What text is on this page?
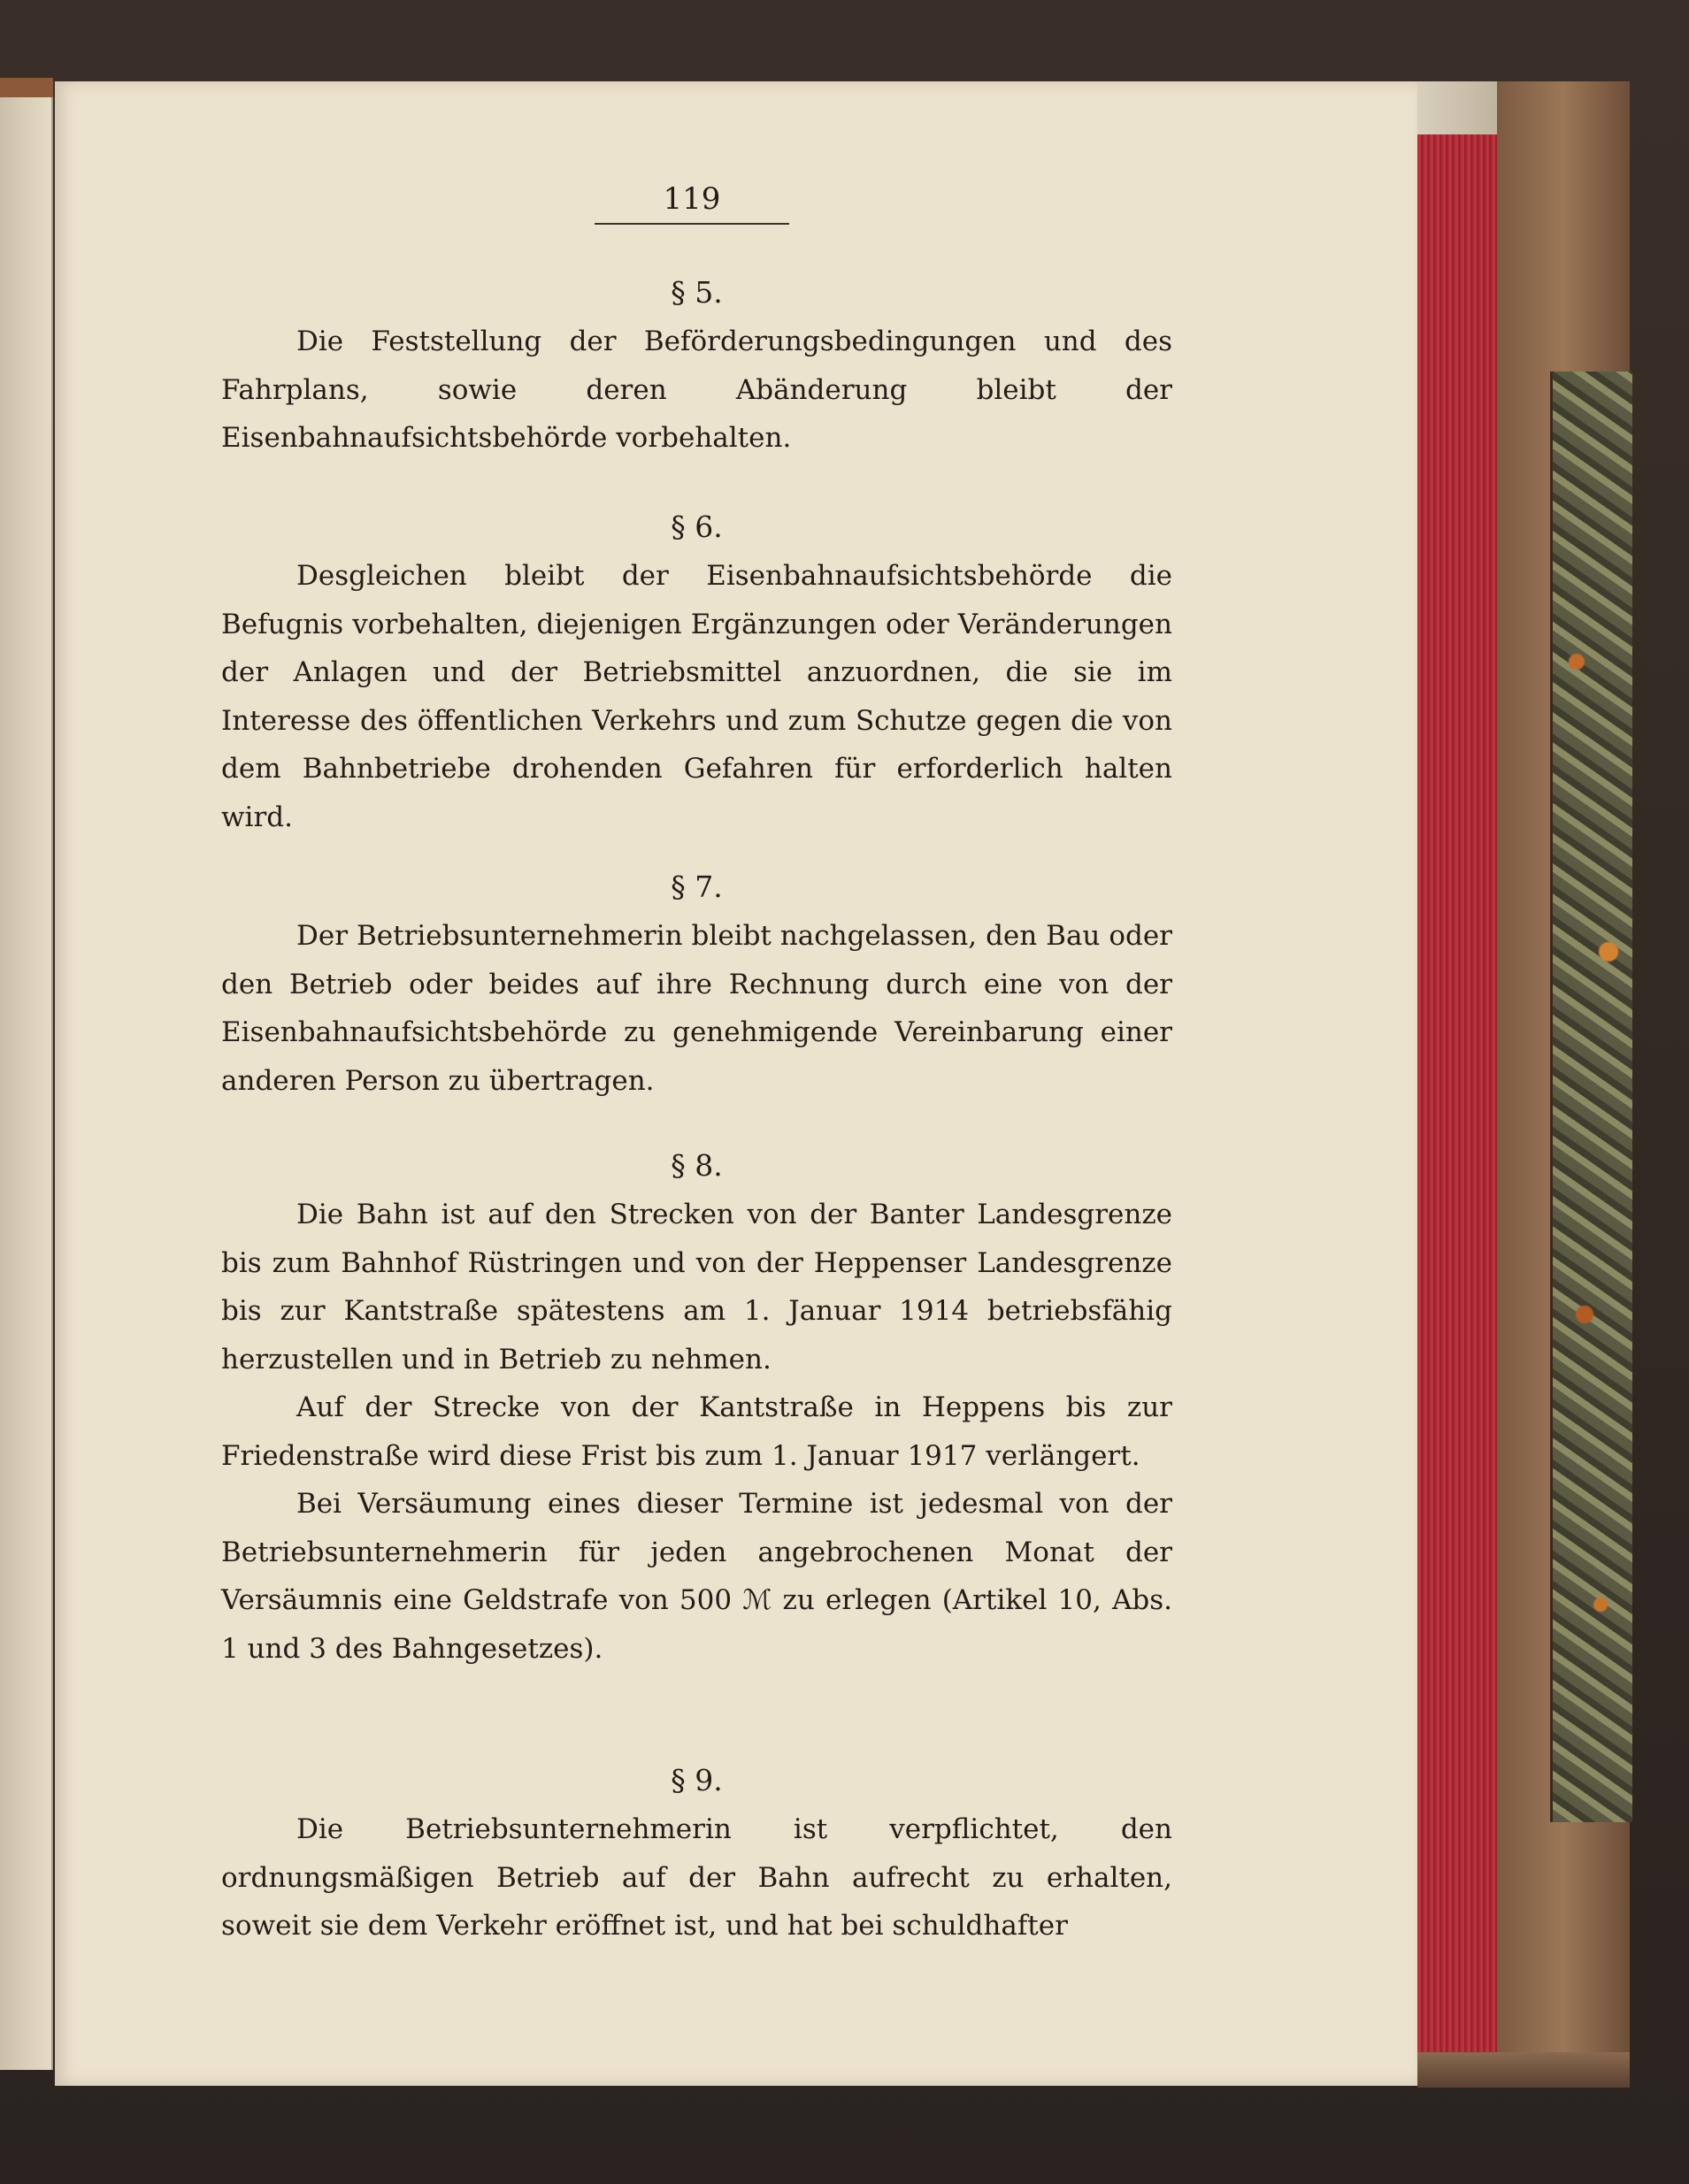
119
§ 5.

Die Feststellung der Beförderungsbedingungen und des Fahrplans, sowie deren Abänderung bleibt der Eisenbahnaufsichtsbehörde vorbehalten.

§ 6.

Desgleichen bleibt der Eisenbahnaufsichtsbehörde die Befugnis vorbehalten, diejenigen Ergänzungen oder Veränderungen der Anlagen und der Betriebsmittel anzuordnen, die sie im Interesse des öffentlichen Verkehrs und zum Schutze gegen die von dem Bahnbetriebe drohenden Gefahren für erforderlich halten wird.

§ 7.

Der Betriebsunternehmerin bleibt nachgelassen, den Bau oder den Betrieb oder beides auf ihre Rechnung durch eine von der Eisenbahnaufsichtsbehörde zu genehmigende Vereinbarung einer anderen Person zu übertragen.

§ 8.

Die Bahn ist auf den Strecken von der Banter Landesgrenze bis zum Bahnhof Rüstringen und von der Heppenser Landesgrenze bis zur Kantstraße spätestens am 1. Januar 1914 betriebsfähig herzustellen und in Betrieb zu nehmen.

Auf der Strecke von der Kantstraße in Heppens bis zur Friedenstraße wird diese Frist bis zum 1. Januar 1917 verlängert.

Bei Versäumung eines dieser Termine ist jedesmal von der Betriebsunternehmerin für jeden angebrochenen Monat der Versäumnis eine Geldstrafe von 500 ℳ zu erlegen (Artikel 10, Abs. 1 und 3 des Bahngesetzes).

§ 9.

Die Betriebsunternehmerin ist verpflichtet, den ordnungsmäßigen Betrieb auf der Bahn aufrecht zu erhalten, soweit sie dem Verkehr eröffnet ist, und hat bei schuldhafter
